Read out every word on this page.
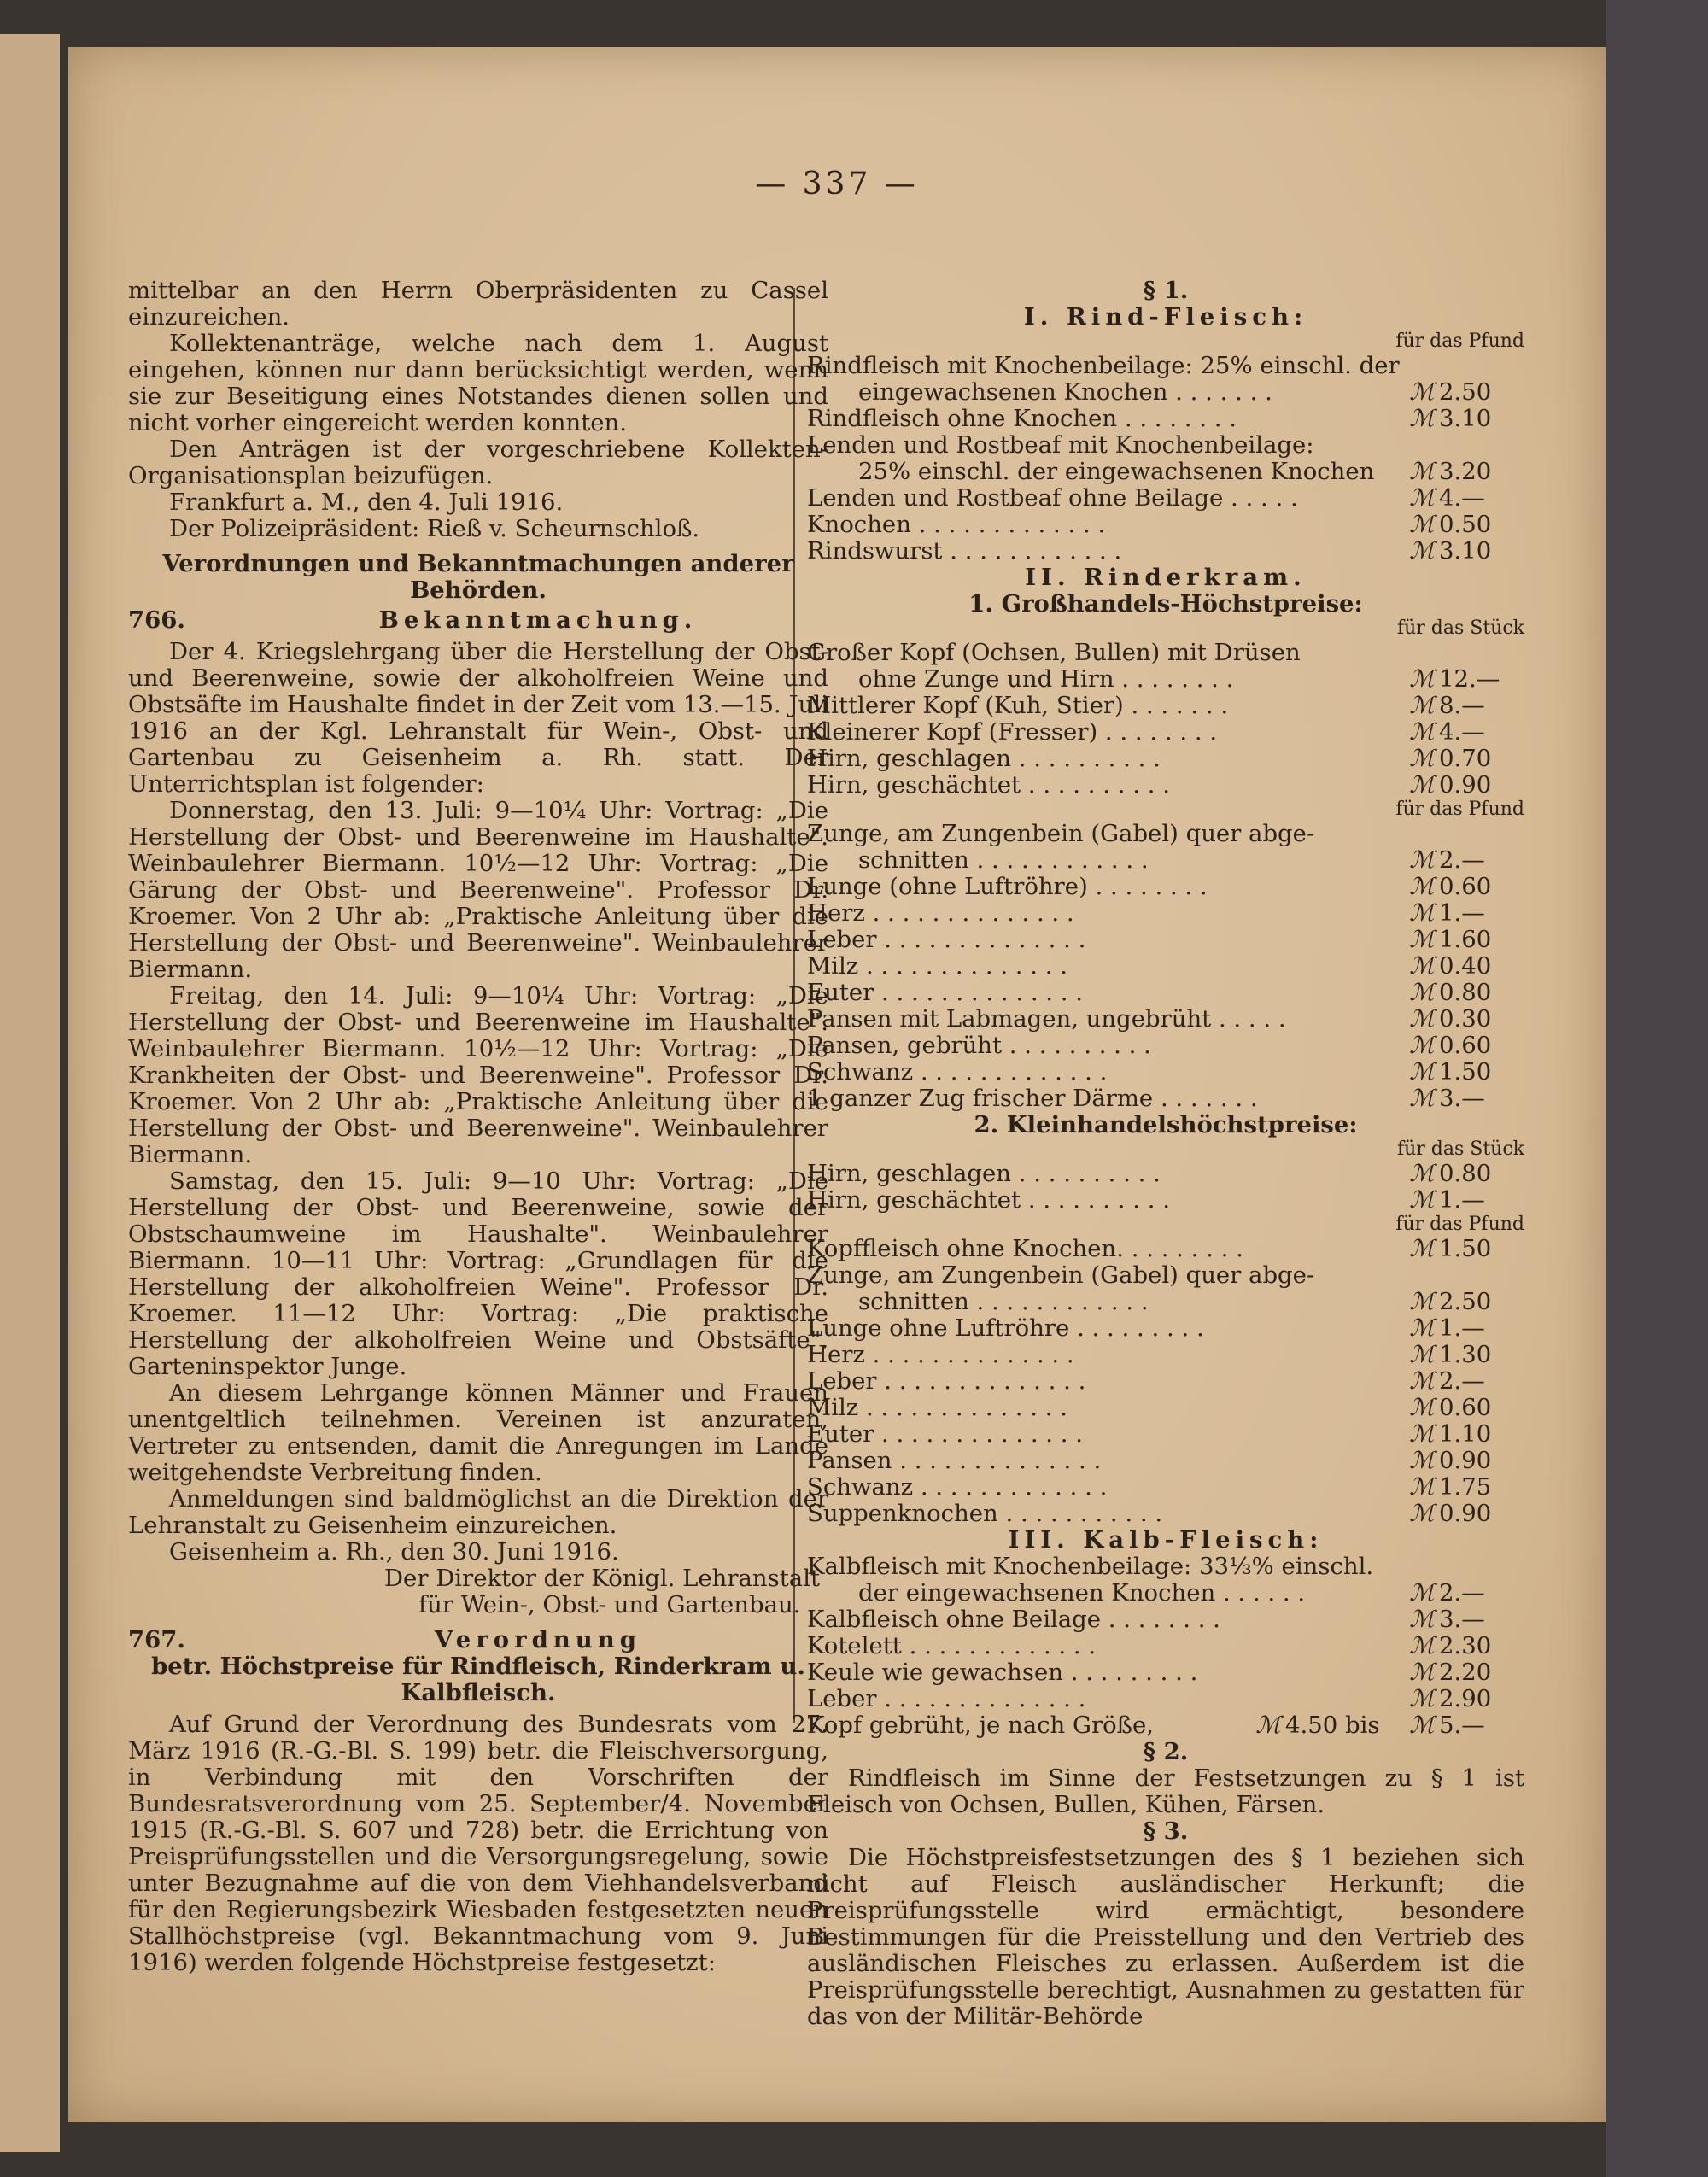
— 337 —

mittelbar an den Herrn Oberpräsidenten zu Cassel einzureichen.

Kollektenanträge, welche nach dem 1. August eingehen, können nur dann berücksichtigt werden, wenn sie zur Beseitigung eines Notstandes dienen sollen und nicht vorher eingereicht werden konnten.

Den Anträgen ist der vorgeschriebene Kollekten-Organisationsplan beizufügen.

Frankfurt a. M., den 4. Juli 1916.

Der Polizeipräsident: Rieß v. Scheurnschloß.

Verordnungen und Bekanntmachungen anderer Behörden.

766.	Bekanntmachung.

Der 4. Kriegslehrgang über die Herstellung der Obst- und Beerenweine, sowie der alkoholfreien Weine und Obstsäfte im Haushalte findet in der Zeit vom 13.—15. Juli 1916 an der Kgl. Lehranstalt für Wein-, Obst- und Gartenbau zu Geisenheim a. Rh. statt. Der Unterrichtsplan ist folgender:

Donnerstag, den 13. Juli: 9—10¼ Uhr: Vortrag: „Die Herstellung der Obst- und Beerenweine im Haushalte". Weinbaulehrer Biermann. 10½—12 Uhr: Vortrag: „Die Gärung der Obst- und Beerenweine". Professor Dr. Kroemer. Von 2 Uhr ab: „Praktische Anleitung über die Herstellung der Obst- und Beerenweine". Weinbaulehrer Biermann.

Freitag, den 14. Juli: 9—10¼ Uhr: Vortrag: „Die Herstellung der Obst- und Beerenweine im Haushalte". Weinbaulehrer Biermann. 10½—12 Uhr: Vortrag: „Die Krankheiten der Obst- und Beerenweine". Professor Dr. Kroemer. Von 2 Uhr ab: „Praktische Anleitung über die Herstellung der Obst- und Beerenweine". Weinbaulehrer Biermann.

Samstag, den 15. Juli: 9—10 Uhr: Vortrag: „Die Herstellung der Obst- und Beerenweine, sowie der Obstschaumweine im Haushalte". Weinbaulehrer Biermann. 10—11 Uhr: Vortrag: „Grundlagen für die Herstellung der alkoholfreien Weine". Professor Dr. Kroemer. 11—12 Uhr: Vortrag: „Die praktische Herstellung der alkoholfreien Weine und Obstsäfte". Garteninspektor Junge.

An diesem Lehrgange können Männer und Frauen unentgeltlich teilnehmen. Vereinen ist anzuraten, Vertreter zu entsenden, damit die Anregungen im Lande weitgehendste Verbreitung finden.

Anmeldungen sind baldmöglichst an die Direktion der Lehranstalt zu Geisenheim einzureichen.

Geisenheim a. Rh., den 30. Juni 1916.

Der Direktor der Königl. Lehranstalt

für Wein-, Obst- und Gartenbau.

767.	Verordnung

betr. Höchstpreise für Rindfleisch, Rinderkram u. Kalbfleisch.

Auf Grund der Verordnung des Bundesrats vom 27. März 1916 (R.-G.-Bl. S. 199) betr. die Fleischversorgung, in Verbindung mit den Vorschriften der Bundesratsverordnung vom 25. September/4. November 1915 (R.-G.-Bl. S. 607 und 728) betr. die Errichtung von Preisprüfungsstellen und die Versorgungsregelung, sowie unter Bezugnahme auf die von dem Viehhandelsverband für den Regierungsbezirk Wiesbaden festgesetzten neuen Stallhöchstpreise (vgl. Bekanntmachung vom 9. Juni 1916) werden folgende Höchstpreise festgesetzt:

§ 1.

I. Rind-Fleisch:

für das Pfund
Rindfleisch mit Knochenbeilage: 25% einschl. der
eingewachsenen Knochen . . . . . . .	ℳ 2.50
Rindfleisch ohne Knochen . . . . . . . .	ℳ 3.10
Lenden und Rostbeaf mit Knochenbeilage:
25% einschl. der eingewachsenen Knochen	ℳ 3.20
Lenden und Rostbeaf ohne Beilage . . . . .	ℳ 4.—
Knochen . . . . . . . . . . . . .	ℳ 0.50
Rindswurst . . . . . . . . . . . .	ℳ 3.10

II. Rinderkram.

1. Großhandels-Höchstpreise:

für das Stück
Großer Kopf (Ochsen, Bullen) mit Drüsen
ohne Zunge und Hirn . . . . . . . .	ℳ 12.—
Mittlerer Kopf (Kuh, Stier) . . . . . . .	ℳ 8.—
Kleinerer Kopf (Fresser) . . . . . . . .	ℳ 4.—
Hirn, geschlagen . . . . . . . . . .	ℳ 0.70
Hirn, geschächtet . . . . . . . . . .	ℳ 0.90
für das Pfund
Zunge, am Zungenbein (Gabel) quer abge-
schnitten . . . . . . . . . . . .	ℳ 2.—
Lunge (ohne Luftröhre) . . . . . . . .	ℳ 0.60
Herz . . . . . . . . . . . . . .	ℳ 1.—
Leber . . . . . . . . . . . . . .	ℳ 1.60
Milz . . . . . . . . . . . . . .	ℳ 0.40
Euter . . . . . . . . . . . . . .	ℳ 0.80
Pansen mit Labmagen, ungebrüht . . . . .	ℳ 0.30
Pansen, gebrüht . . . . . . . . . .	ℳ 0.60
Schwanz . . . . . . . . . . . . .	ℳ 1.50
1 ganzer Zug frischer Därme . . . . . . .	ℳ 3.—

2. Kleinhandelshöchstpreise:

für das Stück
Hirn, geschlagen . . . . . . . . . .	ℳ 0.80
Hirn, geschächtet . . . . . . . . . .	ℳ 1.—
für das Pfund
Kopffleisch ohne Knochen. . . . . . . . .	ℳ 1.50
Zunge, am Zungenbein (Gabel) quer abge-
schnitten . . . . . . . . . . . .	ℳ 2.50
Lunge ohne Luftröhre . . . . . . . . .	ℳ 1.—
Herz . . . . . . . . . . . . . .	ℳ 1.30
Leber . . . . . . . . . . . . . .	ℳ 2.—
Milz . . . . . . . . . . . . . .	ℳ 0.60
Euter . . . . . . . . . . . . . .	ℳ 1.10
Pansen . . . . . . . . . . . . . .	ℳ 0.90
Schwanz . . . . . . . . . . . . .	ℳ 1.75
Suppenknochen . . . . . . . . . . .	ℳ 0.90

III. Kalb-Fleisch:

Kalbfleisch mit Knochenbeilage: 33⅓% einschl.
der eingewachsenen Knochen . . . . . .	ℳ 2.—
Kalbfleisch ohne Beilage . . . . . . . .	ℳ 3.—
Kotelett . . . . . . . . . . . . .	ℳ 2.30
Keule wie gewachsen . . . . . . . . .	ℳ 2.20
Leber . . . . . . . . . . . . . .	ℳ 2.90
Kopf gebrüht, je nach Größe,	ℳ 4.50 bis	ℳ 5.—

§ 2.

Rindfleisch im Sinne der Festsetzungen zu § 1 ist Fleisch von Ochsen, Bullen, Kühen, Färsen.

§ 3.

Die Höchstpreisfestsetzungen des § 1 beziehen sich nicht auf Fleisch ausländischer Herkunft; die Preisprüfungsstelle wird ermächtigt, besondere Bestimmungen für die Preisstellung und den Vertrieb des ausländischen Fleisches zu erlassen. Außerdem ist die Preisprüfungsstelle berechtigt, Ausnahmen zu gestatten für das von der Militär-Behörde
